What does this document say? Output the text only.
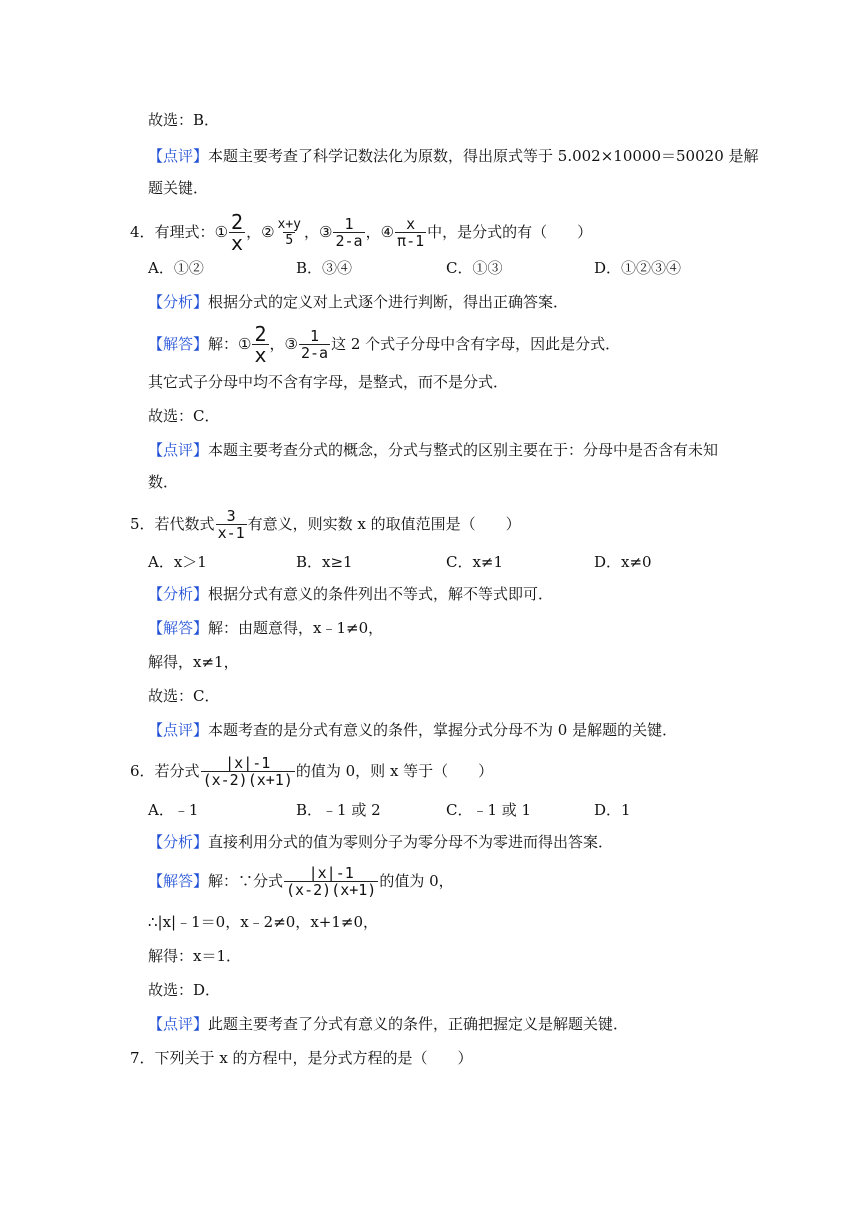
故选：B．
【点评】 本题主要考查了科学记数法化为原数，得出原式等于 5.002×10000＝50020 是解
题关键．
4． 有理式： ① $\frac{2}{x}$ ， ② $\frac{x+y}{5}$ ， ③ $\frac{1}{2-a}$ ， ④ $\frac{x}{\pi-1}$ 中，是分式的有（　　）
A．①②	B．③④	C．①③	D．①②③④
【分析】 根据分式的定义对上式逐个进行判断，得出正确答案．
【解答】 解： ① $\frac{2}{x}$ ， ③ $\frac{1}{2-a}$ 这 2 个式子分母中含有字母，因此是分式．
其它式子分母中均不含有字母，是整式，而不是分式．
故选：C．
【点评】 本题主要考查分式的概念，分式与整式的区别主要在于：分母中是否含有未知
数．
5． 若代数式 $\frac{3}{x-1}$ 有意义，则实数 x 的取值范围是（　　）
A．x＞1	B．x≥1	C．x≠1	D．x≠0
【分析】 根据分式有意义的条件列出不等式，解不等式即可．
【解答】 解：由题意得，x﹣1≠0，
解得，x≠1，
故选：C．
【点评】 本题考查的是分式有意义的条件，掌握分式分母不为 0 是解题的关键．
6． 若分式 $\frac{|x|-1}{(x-2)(x+1)}$ 的值为 0，则 x 等于（　　）
A．﹣1	B．﹣1 或 2	C．﹣1 或 1	D．1
【分析】 直接利用分式的值为零则分子为零分母不为零进而得出答案．
【解答】 解：∵分式 $\frac{|x|-1}{(x-2)(x+1)}$ 的值为 0，
∴|x|﹣1＝0，x﹣2≠0，x+1≠0，
解得：x＝1．
故选：D．
【点评】 此题主要考查了分式有意义的条件，正确把握定义是解题关键．
7． 下列关于 x 的方程中，是分式方程的是（　　）
